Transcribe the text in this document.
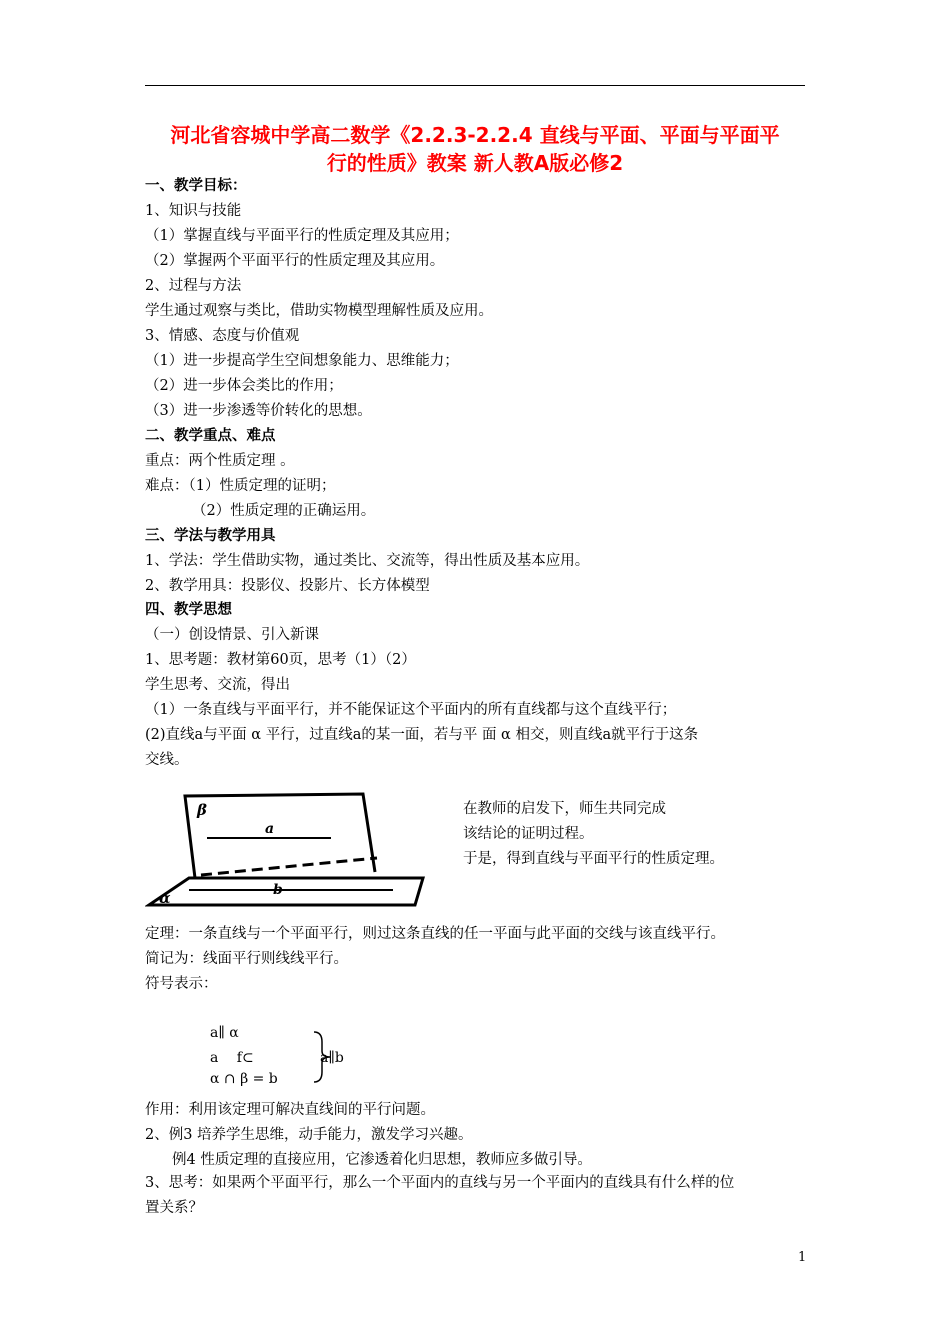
河北省容城中学高二数学《2.2.3-2.2.4 直线与平面、平面与平面平
行的性质》教案 新人教A版必修2
一、教学目标：
1、知识与技能
（1）掌握直线与平面平行的性质定理及其应用；
（2）掌握两个平面平行的性质定理及其应用。
2、过程与方法
学生通过观察与类比，借助实物模型理解性质及应用。
3、情感、态度与价值观
（1）进一步提高学生空间想象能力、思维能力；
（2）进一步体会类比的作用；
（3）进一步渗透等价转化的思想。
二、教学重点、难点
重点：两个性质定理 。
难点：（1）性质定理的证明；
（2）性质定理的正确运用。
三、学法与教学用具
1、学法：学生借助实物，通过类比、交流等，得出性质及基本应用。
2、教学用具：投影仪、投影片、长方体模型
四、教学思想
（一）创设情景、引入新课
1、思考题：教材第60页，思考（1）（2）
学生思考、交流，得出
（1）一条直线与平面平行，并不能保证这个平面内的所有直线都与这个直线平行；
(2)直线a与平面 α 平行，过直线a的某一面，若与平 面 α 相交，则直线a就平行于这条
交线。
β
a
α	b
在教师的启发下，师生共同完成
该结论的证明过程。
于是，得到直线与平面平行的性质定理。
定理：一条直线与一个平面平行，则过这条直线的任一平面与此平面的交线与该直线平行。
简记为：线面平行则线线平行。
符号表示：
a∥ α
a　 f⊂
α ∩ β = b
a∥b
作用：利用该定理可解决直线间的平行问题。
2、例3 培养学生思维，动手能力，激发学习兴趣。
例4 性质定理的直接应用，它渗透着化归思想，教师应多做引导。
3、思考：如果两个平面平行，那么一个平面内的直线与另一个平面内的直线具有什么样的位
置关系？
1
